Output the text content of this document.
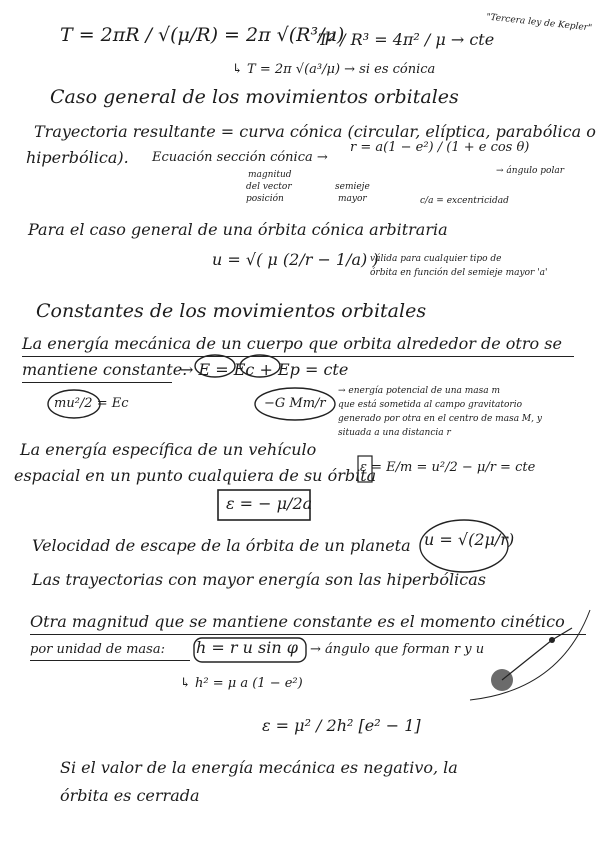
T = 2πR / √(μ/R) = 2π √(R³/μ)
T² / R³ = 4π² / μ → cte
"Tercera ley de Kepler"
↳ T = 2π √(a³/μ) → si es cónica
Caso general de los movimientos orbitales
Trayectoria resultante = curva cónica (circular, elíptica, parabólica o
hiperbólica). Ecuación sección cónica →
r = a(1 − e²) / (1 + e cos θ)
→ ángulo polar
magnitud
del vector
posición
semieje
mayor	c/a = excentricidad
Para el caso general de una órbita cónica arbitraria
u = √( μ (2/r − 1/a) )
válida para cualquier tipo de
órbita en función del semieje mayor 'a'
Constantes de los movimientos orbitales
La energía mecánica de un cuerpo que orbita alrededor de otro se
mantiene constante.
→ E = Ec + Ep = cte
mu²/2 = Ec	−G Mm/r
→ energía potencial de una masa m
que está sometida al campo gravitatorio
generado por otra en el centro de masa M, y
situada a una distancia r
La energía específica de un vehículo
espacial en un punto cualquiera de su órbita
ε = E/m = u²/2 − μ/r = cte
ε = − μ/2a
Velocidad de escape de la órbita de un planeta u = √(2μ/r)
Las trayectorias con mayor energía son las hiperbólicas
Otra magnitud que se mantiene constante es el momento cinético
por unidad de masa: h = r u sin φ → ángulo que forman r y u
↳ h² = μ a (1 − e²)
ε = μ² / 2h² [e² − 1]
Si el valor de la energía mecánica es negativo, la
órbita es cerrada
